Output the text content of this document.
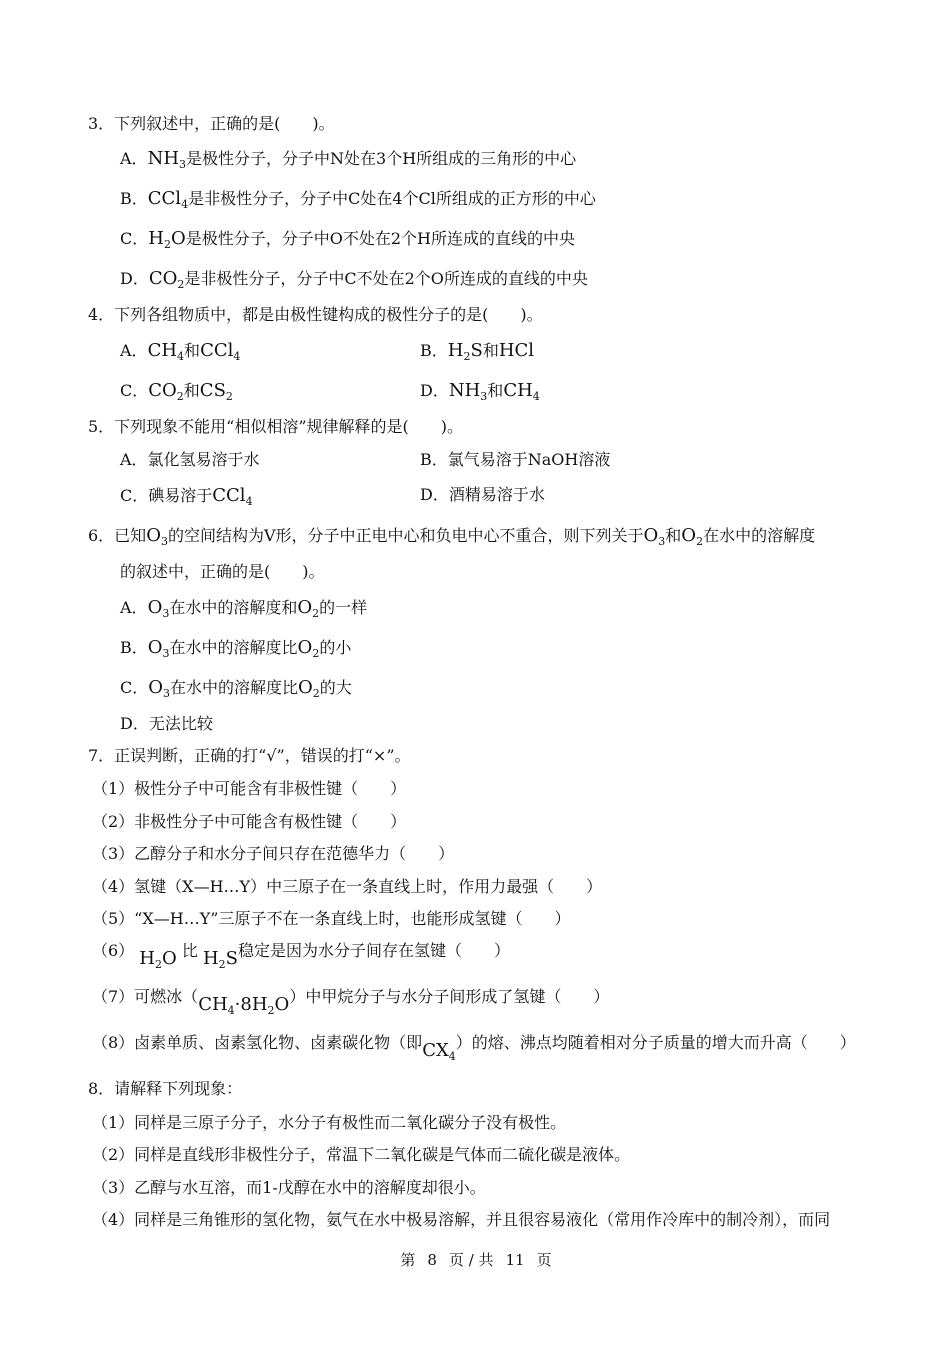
3．下列叙述中，正确的是(　　)。
A．$NH_3$是极性分子，分子中N处在3个H所组成的三角形的中心
B．CCl$_4$是非极性分子，分子中C处在4个Cl所组成的正方形的中心
C．$H_2O$是极性分子，分子中O不处在2个H所连成的直线的中央
D．$CO_2$是非极性分子，分子中C不处在2个O所连成的直线的中央
4．下列各组物质中，都是由极性键构成的极性分子的是(　　)。
A．$CH_4$和CCl$_4$	B．$H_2S$和HCl
C．$CO_2$和$CS_2$	D．$NH_3$和$CH_4$
5．下列现象不能用“相似相溶”规律解释的是(　　)。
A．氯化氢易溶于水	B．氯气易溶于NaOH溶液
C．碘易溶于CCl$_4$	D．酒精易溶于水
6．已知$O_3$的空间结构为V形，分子中正电中心和负电中心不重合，则下列关于$O_3$和$O_2$在水中的溶解度
的叙述中，正确的是(　　)。
A．$O_3$在水中的溶解度和$O_2$的一样
B．$O_3$在水中的溶解度比$O_2$的小
C．$O_3$在水中的溶解度比$O_2$的大
D．无法比较
7．正误判断，正确的打“√”，错误的打“×”。
（1）极性分子中可能含有非极性键（　　）
（2）非极性分子中可能含有极性键（　　）
（3）乙醇分子和水分子间只存在范德华力（　　）
（4）氢键（X—H…Y）中三原子在一条直线上时，作用力最强（　　）
（5）“X—H…Y”三原子不在一条直线上时，也能形成氢键（　　）
（6） $H_2O$ 比 $H_2S$稳定是因为水分子间存在氢键（　　）
（7）可燃冰$(CH_4\cdot 8H_2O)$中甲烷分子与水分子间形成了氢键（　　）
（8）卤素单质、卤素氢化物、卤素碳化物（即$CX_4$）的熔、沸点均随着相对分子质量的增大而升高（　　）
8．请解释下列现象：
（1）同样是三原子分子，水分子有极性而二氧化碳分子没有极性。
（2）同样是直线形非极性分子，常温下二氧化碳是气体而二硫化碳是液体。
（3）乙醇与水互溶，而1-戊醇在水中的溶解度却很小。
（4）同样是三角锥形的氢化物，氨气在水中极易溶解，并且很容易液化（常用作冷库中的制冷剂），而同
第 8 页 / 共 11 页
